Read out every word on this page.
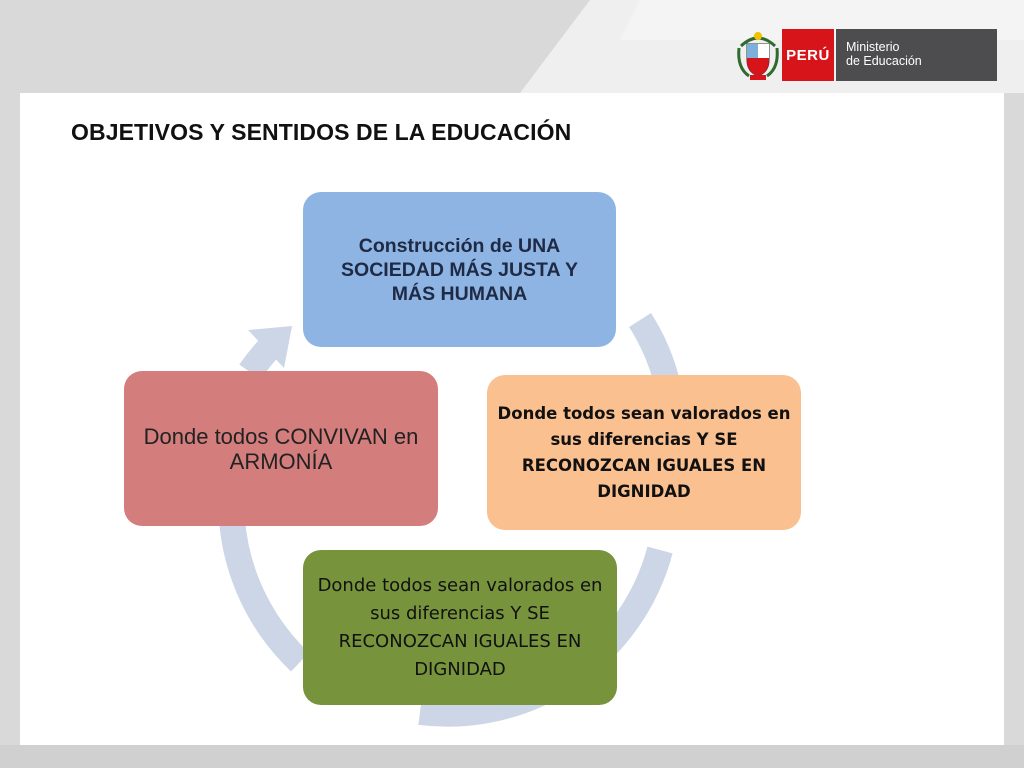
PERÚ Ministerio
de Educación
OBJETIVOS Y SENTIDOS DE LA EDUCACIÓN
Construcción de UNA SOCIEDAD MÁS JUSTA Y MÁS HUMANA
Donde todos sean valorados en sus diferencias Y SE RECONOZCAN IGUALES EN DIGNIDAD
Donde todos sean valorados en sus diferencias Y SE RECONOZCAN IGUALES EN DIGNIDAD
Donde todos CONVIVAN en ARMONÍA
